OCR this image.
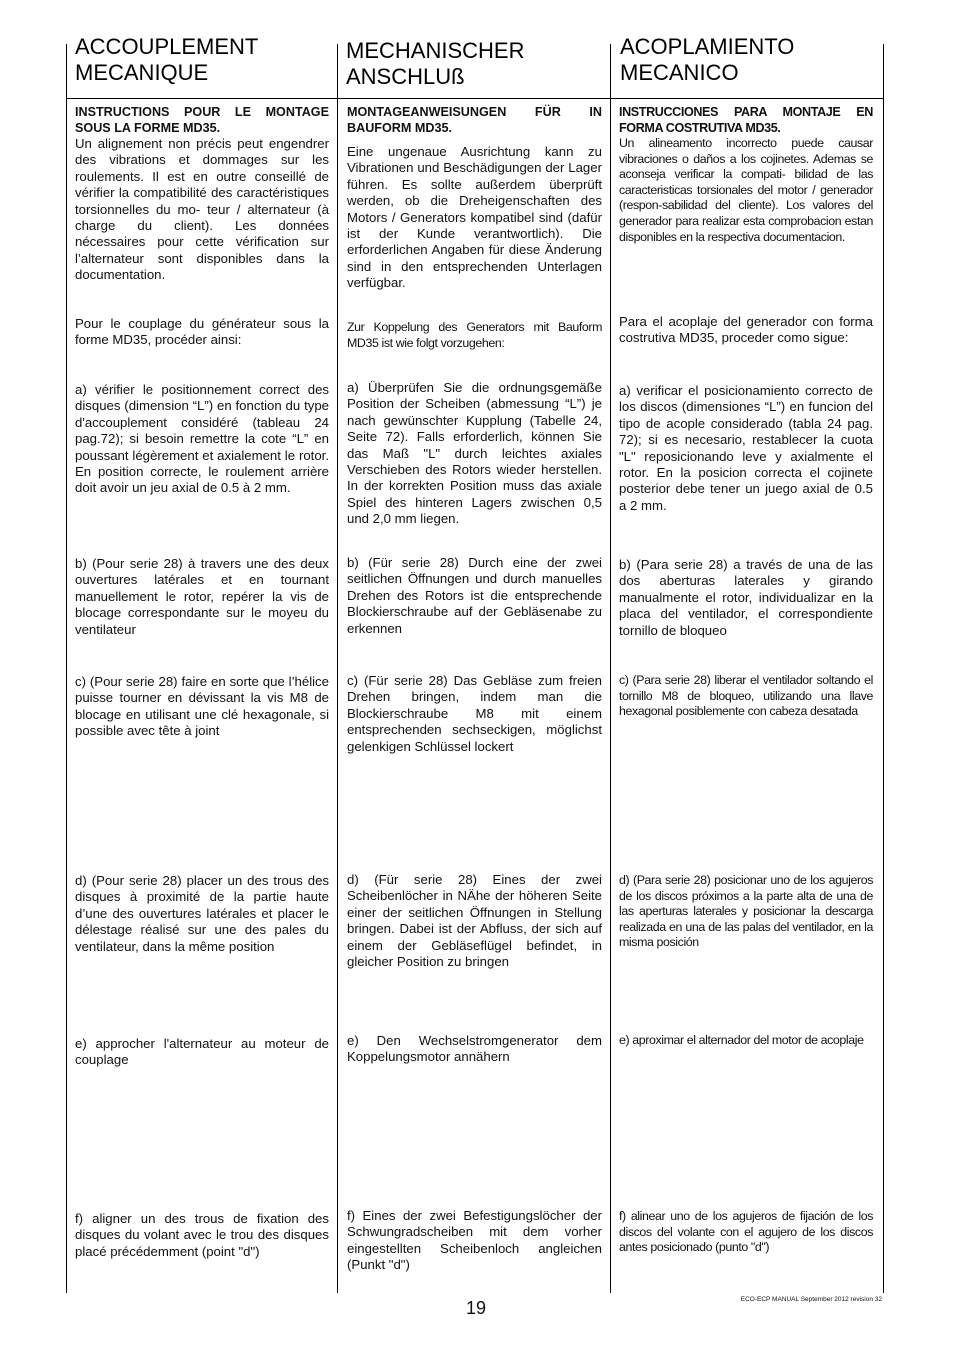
ACCOUPLEMENT
MECANIQUE
MECHANISCHER
ANSCHLUß
ACOPLAMIENTO
MECANICO
INSTRUCTIONS POUR LE MONTAGE SOUS LA FORME MD35.
Un alignement non précis peut engendrer des vibrations et dommages sur les roulements. Il est en outre conseillé de vérifier la compatibilité des caractéristiques torsionnelles du mo- teur / alternateur (à charge du client). Les données nécessaires pour cette vérification sur l’alternateur sont disponibles dans la documentation.

Pour le couplage du générateur sous la forme MD35, procéder ainsi:

a) vérifier le positionnement correct des disques (dimension “L”) en fonction du type d'accouplement considéré (tableau 24 pag.72); si besoin remettre la cote “L” en poussant légèrement et axialement le rotor. En position correcte, le roulement arrière doit avoir un jeu axial de 0.5 à 2 mm.

b) (Pour serie 28) à travers une des deux ouvertures latérales et en tournant manuellement le rotor, repérer la vis de blocage correspondante sur le moyeu du ventilateur

c) (Pour serie 28) faire en sorte que l’hélice puisse tourner en dévissant la vis M8 de blocage en utilisant une clé hexagonale, si possible avec tête à joint

d) (Pour serie 28) placer un des trous des disques à proximité de la partie haute d’une des ouvertures latérales et placer le délestage réalisé sur une des pales du ventilateur, dans la même position

e) approcher l'alternateur au moteur de couplage

f) aligner un des trous de fixation des disques du volant avec le trou des disques placé précédemment (point "d")

MONTAGEANWEISUNGEN FÜR IN BAUFORM MD35.
Eine ungenaue Ausrichtung kann zu Vibrationen und Beschädigungen der Lager führen. Es sollte außerdem überprüft werden, ob die Dreheigenschaften des Motors / Generators kompatibel sind (dafür ist der Kunde verantwortlich). Die erforderlichen Angaben für diese Änderung sind in den entsprechenden Unterlagen verfügbar.

Zur Koppelung des Generators mit Bauform MD35 ist wie folgt vorzugehen:

a) Überprüfen Sie die ordnungsgemäße Position der Scheiben (abmessung “L”) je nach gewünschter Kupplung (Tabelle 24, Seite 72). Falls erforderlich, können Sie das Maß "L" durch leichtes axiales Verschieben des Rotors wieder herstellen. In der korrekten Position muss das axiale Spiel des hinteren Lagers zwischen 0,5 und 2,0 mm liegen.

b) (Für serie 28) Durch eine der zwei seitlichen Öffnungen und durch manuelles Drehen des Rotors ist die entsprechende Blockierschraube auf der Gebläsenabe zu erkennen

c) (Für serie 28) Das Gebläse zum freien Drehen bringen, indem man die Blockierschraube M8 mit einem entsprechenden sechseckigen, möglichst gelenkigen Schlüssel lockert

d) (Für serie 28) Eines der zwei Scheibenlöcher in NÄhe der höheren Seite einer der seitlichen Öffnungen in Stellung bringen. Dabei ist der Abfluss, der sich auf einem der Gebläseflügel befindet, in gleicher Position zu bringen

e) Den Wechselstromgenerator dem Koppelungsmotor annähern

f) Eines der zwei Befestigungslöcher der Schwungradscheiben mit dem vorher eingestellten Scheibenloch angleichen (Punkt "d")

INSTRUCCIONES PARA MONTAJE EN FORMA COSTRUTIVA MD35.
Un alineamento incorrecto puede causar vibraciones o daños a los cojinetes. Ademas se aconseja verificar la compati- bilidad de las caracteristicas torsionales del motor / generador (respon-sabilidad del cliente). Los valores del generador para realizar esta comprobacion estan disponibles en la respectiva documentacion.

Para el acoplaje del generador con forma costrutiva MD35, proceder como sigue:

a) verificar el posicionamiento correcto de los discos (dimensiones “L”) en funcion del tipo de acople considerado (tabla 24 pag. 72); si es necesario, restablecer la cuota "L" reposicionando leve y axialmente el rotor. En la posicion correcta el cojinete posterior debe tener un juego axial de 0.5 a 2 mm.

b) (Para serie 28) a través de una de las dos aberturas laterales y girando manualmente el rotor, individualizar en la placa del ventilador, el correspondiente tornillo de bloqueo

c) (Para serie 28) liberar el ventilador soltando el tornillo M8 de bloqueo, utilizando una llave hexagonal posiblemente con cabeza desatada

d) (Para serie 28) posicionar uno de los agujeros de los discos próximos a la parte alta de una de las aperturas laterales y posicionar la descarga realizada en una de las palas del ventilador, en la misma posición

e) aproximar el alternador del motor de acoplaje

f) alinear uno de los agujeros de fijación de los discos del volante con el agujero de los discos antes posicionado (punto "d")

19	ECO-ECP MANUAL September 2012 revision 32
